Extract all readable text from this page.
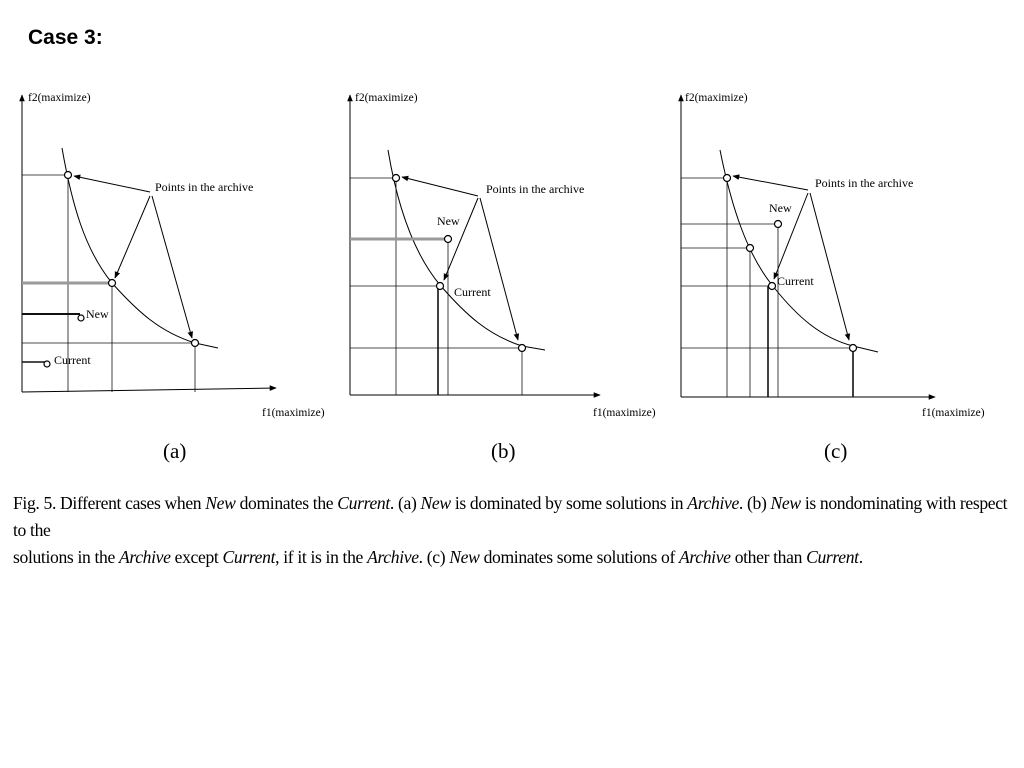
Case 3:
f2(maximize)
f1(maximize)
Points in the archive
New
Current
(a)
f2(maximize)
f1(maximize)
Points in the archive
New
Current
(b)
f2(maximize)
f1(maximize)
Points in the archive
New
Current
(c)

Fig. 5. Different cases when New dominates the Current. (a) New is dominated by some solutions in Archive. (b) New is nondominating with respect to the
solutions in the Archive except Current, if it is in the Archive. (c) New dominates some solutions of Archive other than Current.
